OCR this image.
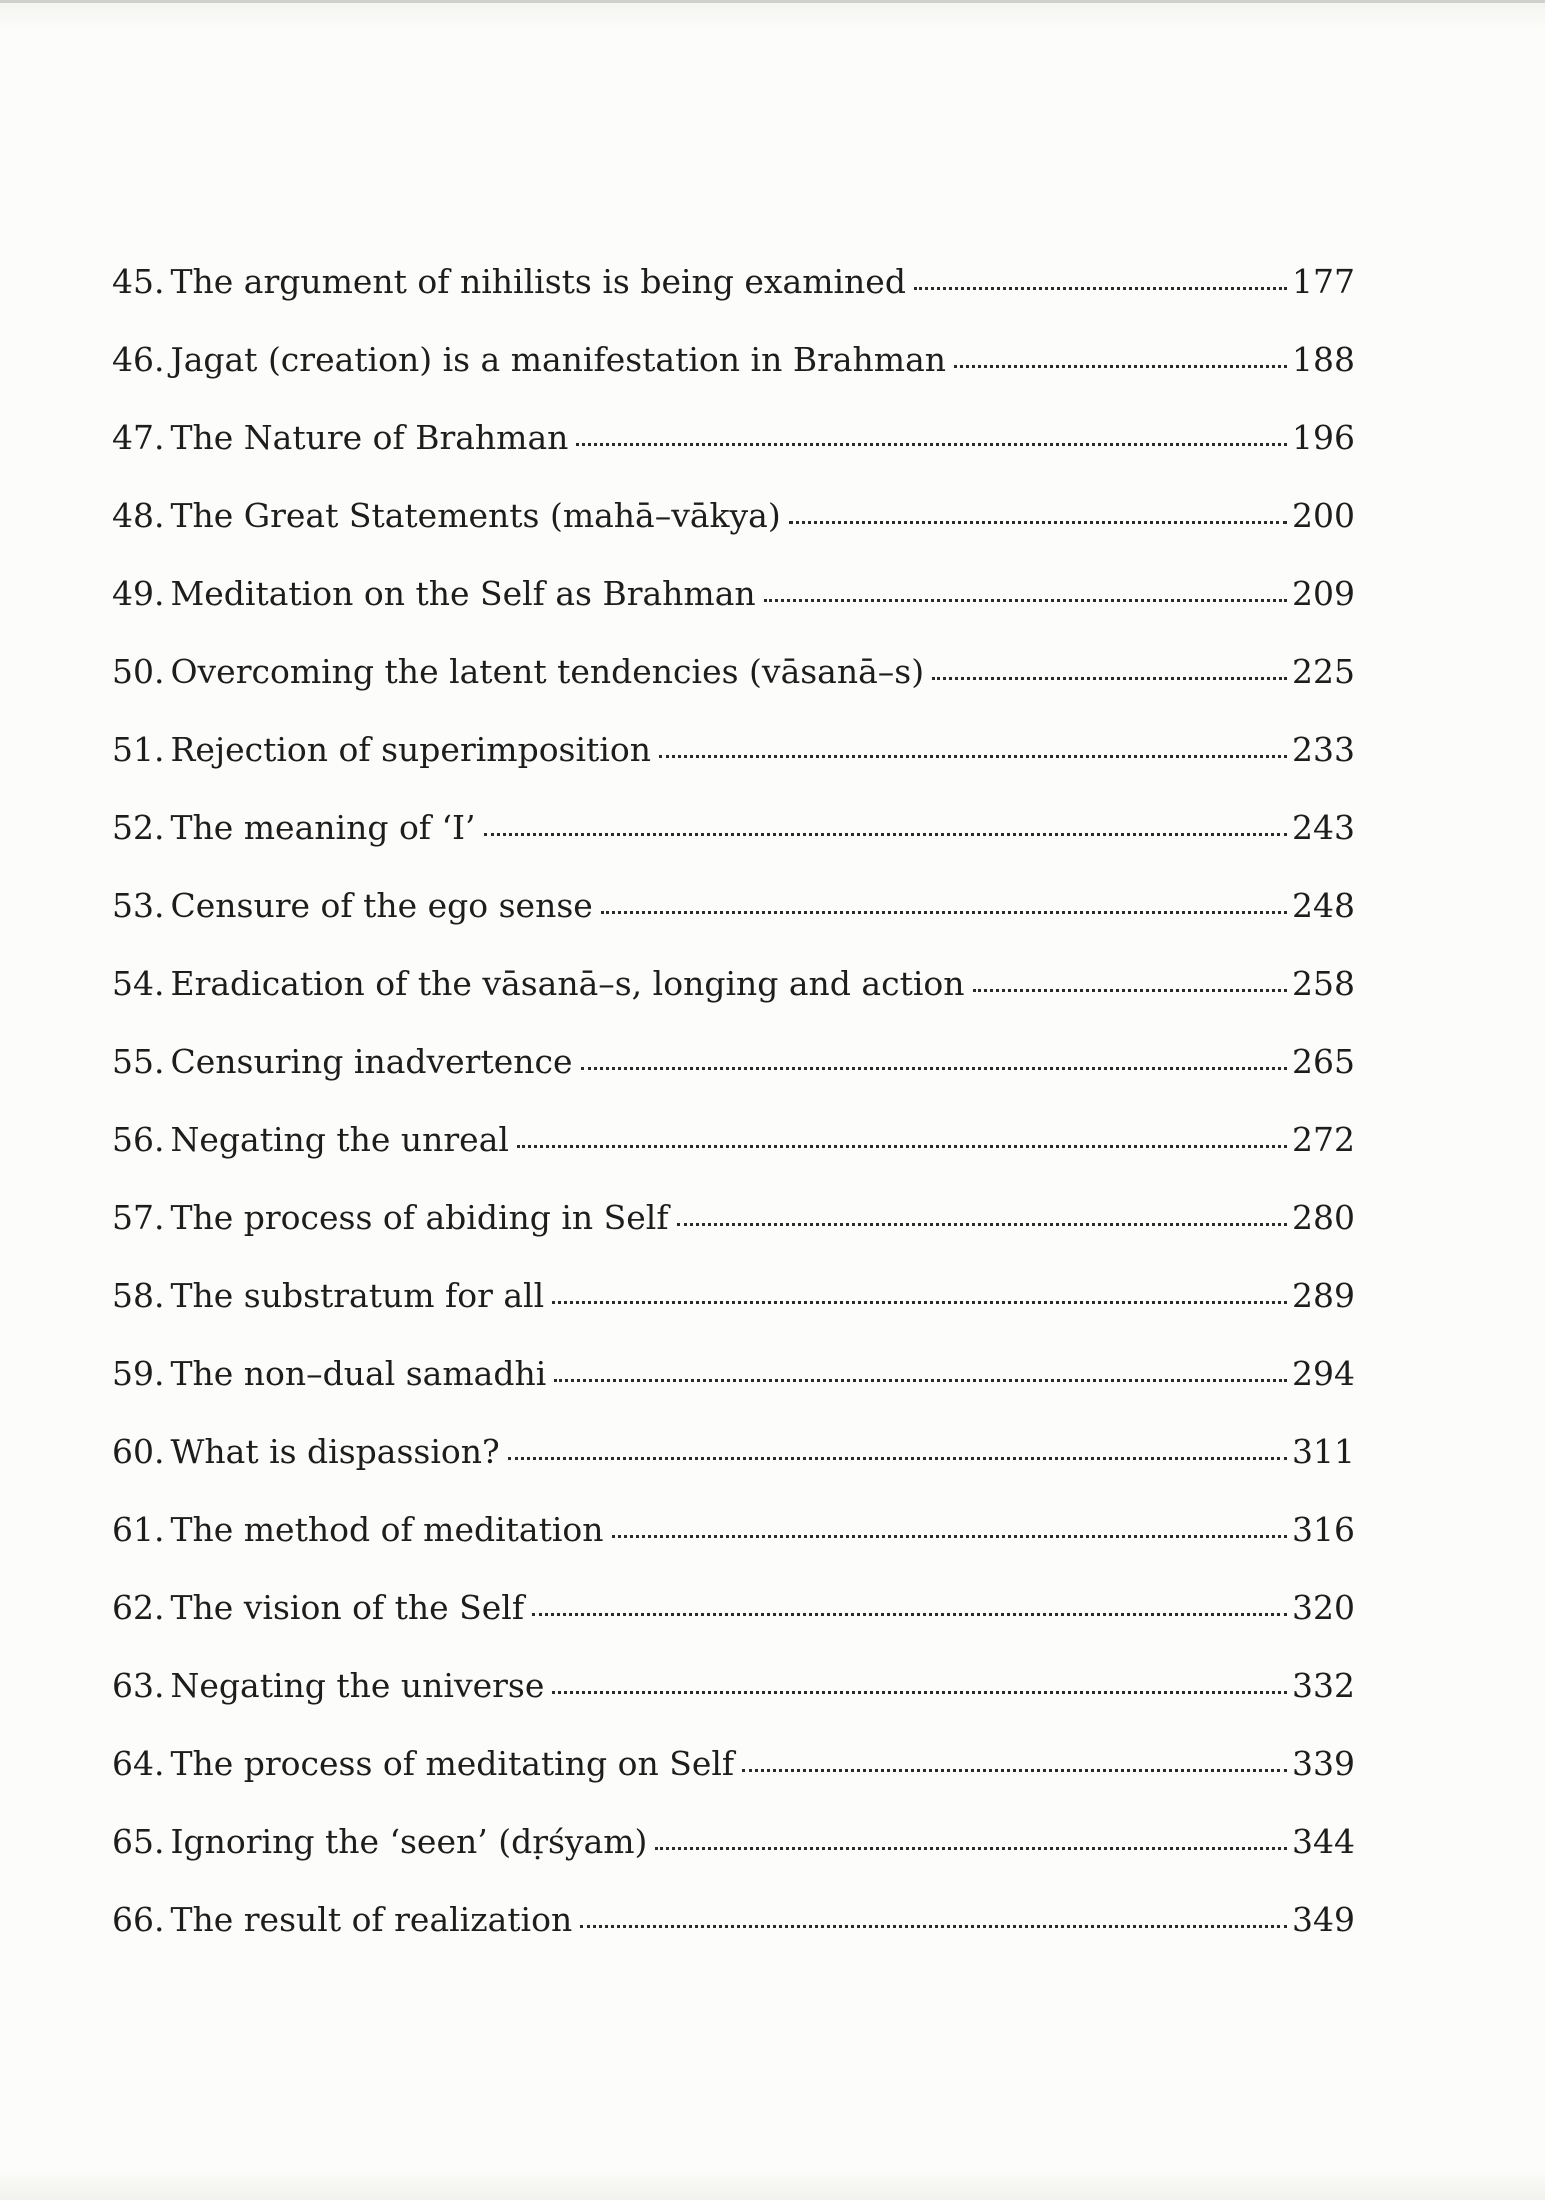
45. The argument of nihilists is being examined	177
46. Jagat (creation) is a manifestation in Brahman	188
47. The Nature of Brahman	196
48. The Great Statements (mahā–vākya)	200
49. Meditation on the Self as Brahman	209
50. Overcoming the latent tendencies (vāsanā–s)	225
51. Rejection of superimposition	233
52. The meaning of ‘I’	243
53. Censure of the ego sense	248
54. Eradication of the vāsanā–s, longing and action	258
55. Censuring inadvertence	265
56. Negating the unreal	272
57. The process of abiding in Self	280
58. The substratum for all	289
59. The non–dual samadhi	294
60. What is dispassion?	311
61. The method of meditation	316
62. The vision of the Self	320
63. Negating the universe	332
64. The process of meditating on Self	339
65. Ignoring the ‘seen’ (dṛśyam)	344
66. The result of realization	349
